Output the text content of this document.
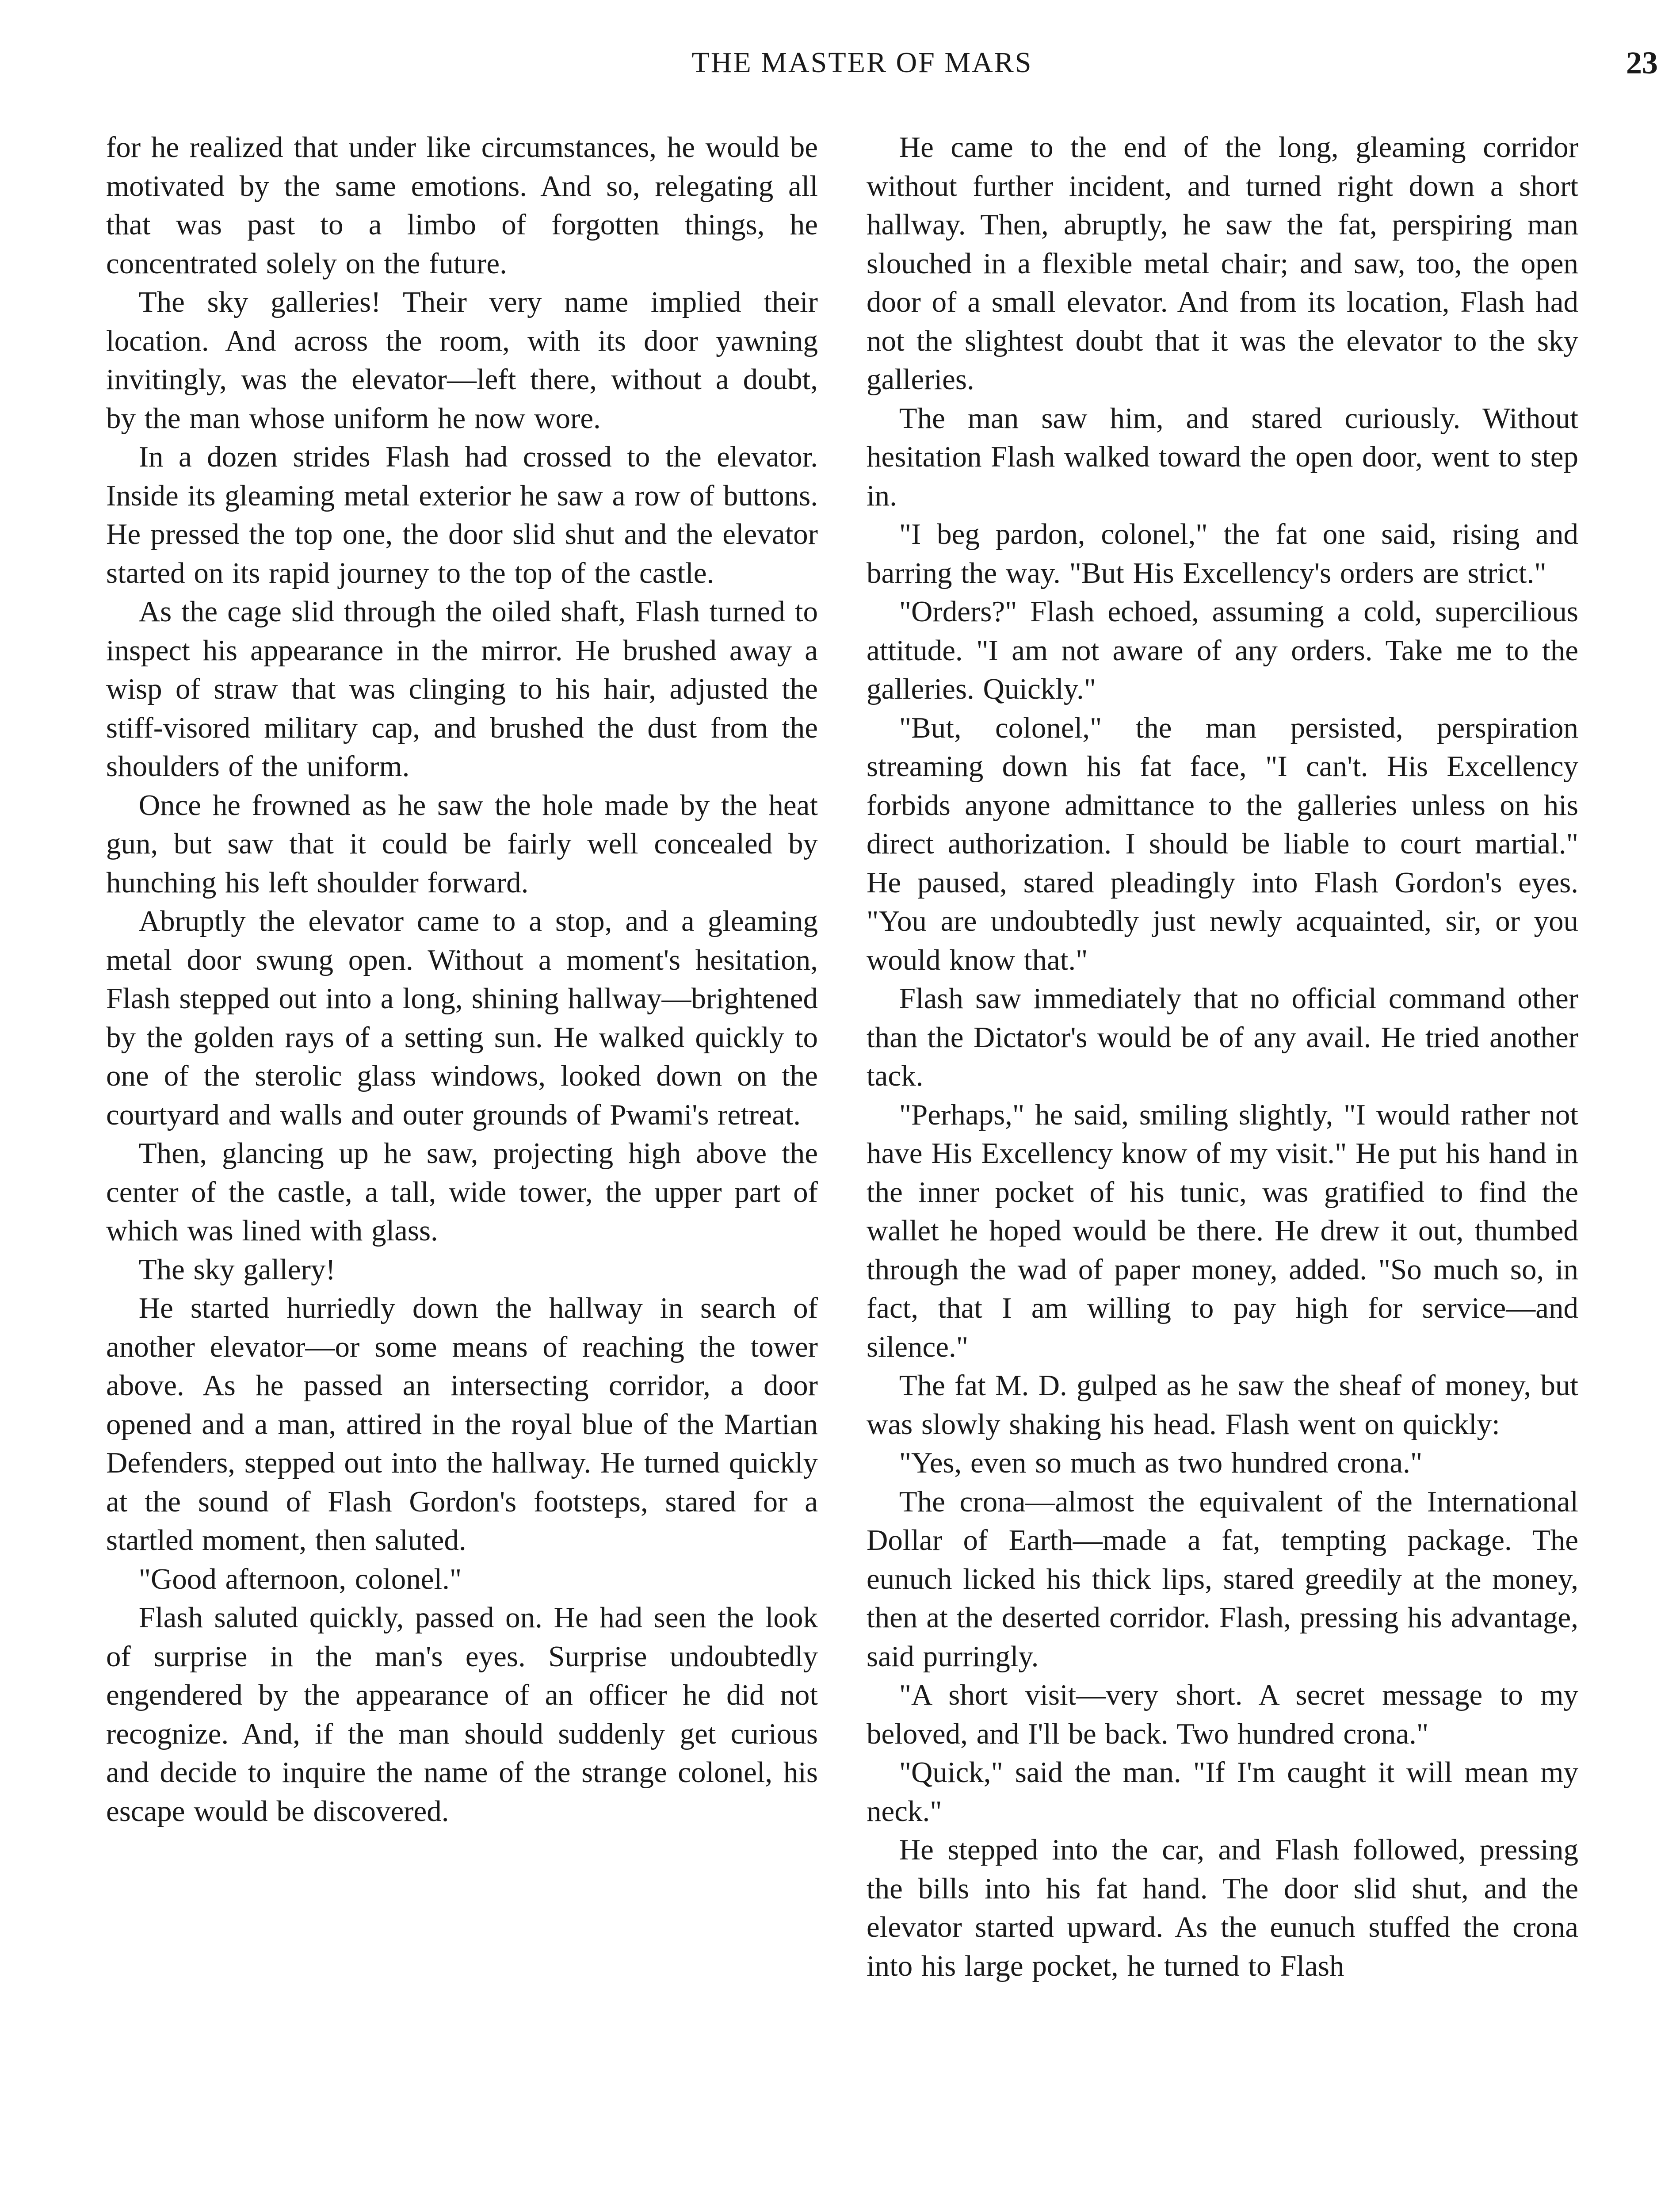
THE MASTER OF MARS	23

for he realized that under like circumstances, he would be motivated by the same emotions. And so, relegating all that was past to a limbo of forgotten things, he concentrated solely on the future.

The sky galleries! Their very name implied their location. And across the room, with its door yawning invitingly, was the elevator—left there, without a doubt, by the man whose uniform he now wore.

In a dozen strides Flash had crossed to the elevator. Inside its gleaming metal exterior he saw a row of buttons. He pressed the top one, the door slid shut and the elevator started on its rapid journey to the top of the castle.

As the cage slid through the oiled shaft, Flash turned to inspect his appearance in the mirror. He brushed away a wisp of straw that was clinging to his hair, adjusted the stiff-visored military cap, and brushed the dust from the shoulders of the uniform.

Once he frowned as he saw the hole made by the heat gun, but saw that it could be fairly well concealed by hunching his left shoulder forward.

Abruptly the elevator came to a stop, and a gleaming metal door swung open. Without a moment's hesitation, Flash stepped out into a long, shining hallway—brightened by the golden rays of a setting sun. He walked quickly to one of the sterolic glass windows, looked down on the courtyard and walls and outer grounds of Pwami's retreat.

Then, glancing up he saw, projecting high above the center of the castle, a tall, wide tower, the upper part of which was lined with glass.

The sky gallery!

He started hurriedly down the hallway in search of another elevator—or some means of reaching the tower above. As he passed an intersecting corridor, a door opened and a man, attired in the royal blue of the Martian Defenders, stepped out into the hallway. He turned quickly at the sound of Flash Gordon's footsteps, stared for a startled moment, then saluted.

"Good afternoon, colonel."

Flash saluted quickly, passed on. He had seen the look of surprise in the man's eyes. Surprise undoubtedly engendered by the appearance of an officer he did not recognize. And, if the man should suddenly get curious and decide to inquire the name of the strange colonel, his escape would be discovered.

He came to the end of the long, gleaming corridor without further incident, and turned right down a short hallway. Then, abruptly, he saw the fat, perspiring man slouched in a flexible metal chair; and saw, too, the open door of a small elevator. And from its location, Flash had not the slightest doubt that it was the elevator to the sky galleries.

The man saw him, and stared curiously. Without hesitation Flash walked toward the open door, went to step in.

"I beg pardon, colonel," the fat one said, rising and barring the way. "But His Excellency's orders are strict."

"Orders?" Flash echoed, assuming a cold, supercilious attitude. "I am not aware of any orders. Take me to the galleries. Quickly."

"But, colonel," the man persisted, perspiration streaming down his fat face, "I can't. His Excellency forbids anyone admittance to the galleries unless on his direct authorization. I should be liable to court martial." He paused, stared pleadingly into Flash Gordon's eyes. "You are undoubtedly just newly acquainted, sir, or you would know that."

Flash saw immediately that no official command other than the Dictator's would be of any avail. He tried another tack.

"Perhaps," he said, smiling slightly, "I would rather not have His Excellency know of my visit." He put his hand in the inner pocket of his tunic, was gratified to find the wallet he hoped would be there. He drew it out, thumbed through the wad of paper money, added. "So much so, in fact, that I am willing to pay high for service—and silence."

The fat M. D. gulped as he saw the sheaf of money, but was slowly shaking his head. Flash went on quickly:

"Yes, even so much as two hundred crona."

The crona—almost the equivalent of the International Dollar of Earth—made a fat, tempting package. The eunuch licked his thick lips, stared greedily at the money, then at the deserted corridor. Flash, pressing his advantage, said purringly.

"A short visit—very short. A secret message to my beloved, and I'll be back. Two hundred crona."

"Quick," said the man. "If I'm caught it will mean my neck."

He stepped into the car, and Flash followed, pressing the bills into his fat hand. The door slid shut, and the elevator started upward. As the eunuch stuffed the crona into his large pocket, he turned to Flash
